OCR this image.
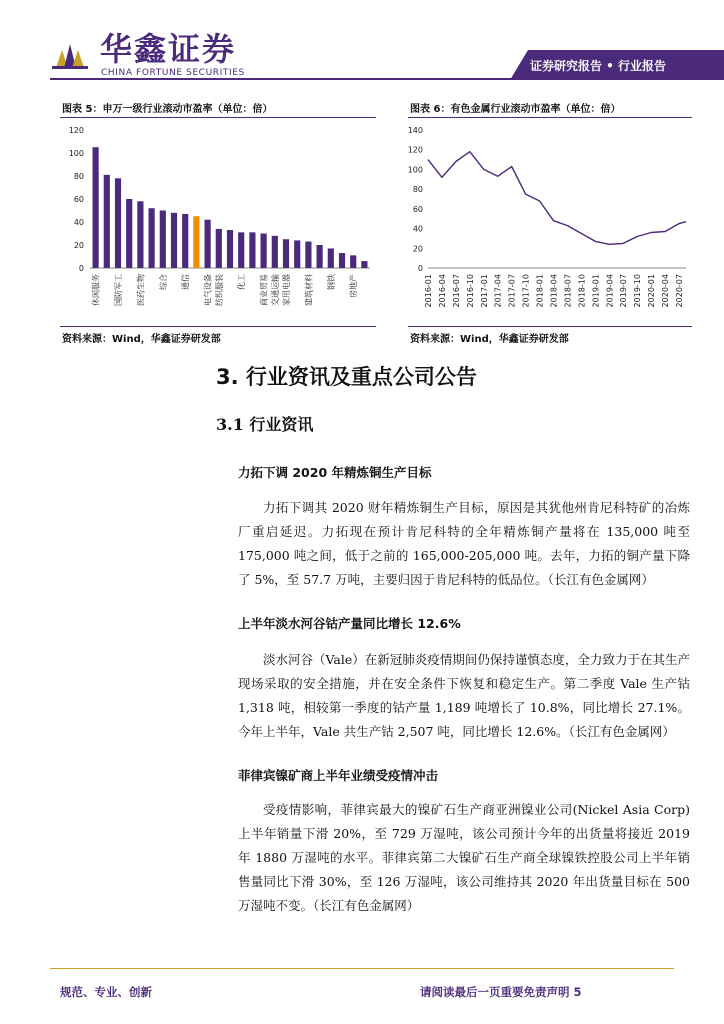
华鑫证券
CHINA FORTUNE SECURITIES	证券研究报告 • 行业报告
图表 5：申万一级行业滚动市盈率（单位：倍）
0
20
40
60
80
100
120
休闲服务 国防军工 医药生物 综合 通信 电气设备 纺织服装 化工 商业贸易 交通运输 家用电器 建筑材料 钢铁 房地产
资料来源：Wind，华鑫证券研发部
图表 6：有色金属行业滚动市盈率（单位：倍）
0
20
40
60
80
100
120
140
2016-01 2016-04 2016-07 2016-10 2017-01 2017-04 2017-07 2017-10 2018-01 2018-04 2018-07 2018-10 2019-01 2019-04 2019-07 2019-10 2020-01 2020-04 2020-07
资料来源：Wind，华鑫证券研发部
3. 行业资讯及重点公司公告
3.1 行业资讯
力拓下调 2020 年精炼铜生产目标

力拓下调其 2020 财年精炼铜生产目标，原因是其犹他州肯尼科特矿的冶炼厂重启延迟。力拓现在预计肯尼科特的全年精炼铜产量将在 135,000 吨至 175,000 吨之间，低于之前的 165,000-205,000 吨。去年，力拓的铜产量下降了 5%，至 57.7 万吨，主要归因于肯尼科特的低品位。（长江有色金属网）

上半年淡水河谷钴产量同比增长 12.6%

淡水河谷（Vale）在新冠肺炎疫情期间仍保持谨慎态度，全力致力于在其生产现场采取的安全措施，并在安全条件下恢复和稳定生产。第二季度 Vale 生产钴 1,318 吨，相较第一季度的钴产量 1,189 吨增长了 10.8%，同比增长 27.1%。今年上半年，Vale 共生产钴 2,507 吨，同比增长 12.6%。（长江有色金属网）

菲律宾镍矿商上半年业绩受疫情冲击

受疫情影响，菲律宾最大的镍矿石生产商亚洲镍业公司(Nickel Asia Corp)上半年销量下滑 20%，至 729 万湿吨，该公司预计今年的出货量将接近 2019 年 1880 万湿吨的水平。菲律宾第二大镍矿石生产商全球镍铁控股公司上半年销售量同比下滑 30%，至 126 万湿吨，该公司维持其 2020 年出货量目标在 500 万湿吨不变。（长江有色金属网）

规范、专业、创新	请阅读最后一页重要免责声明 5
